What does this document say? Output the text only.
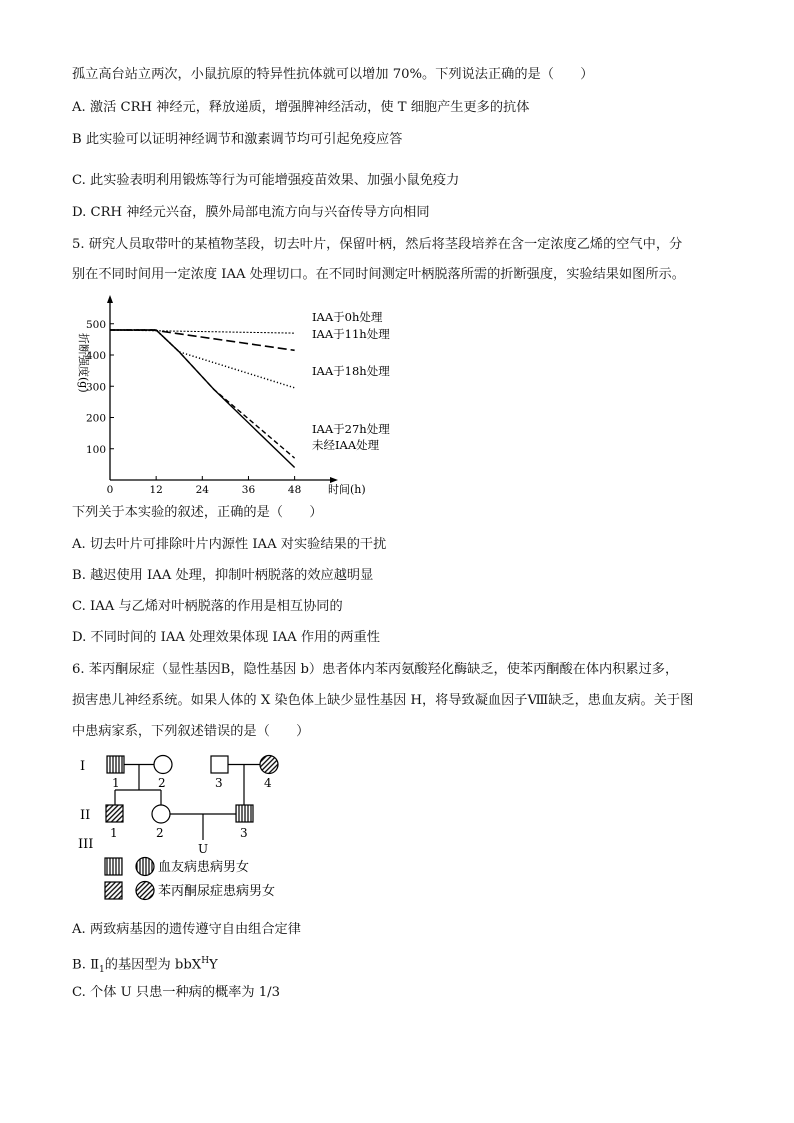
孤立高台站立两次，小鼠抗原的特异性抗体就可以增加 70%。下列说法正确的是（　　）
A. 激活 CRH 神经元，释放递质，增强脾神经活动，使 T 细胞产生更多的抗体
B 此实验可以证明神经调节和激素调节均可引起免疫应答
C. 此实验表明利用锻炼等行为可能增强疫苗效果、加强小鼠免疫力
D. CRH 神经元兴奋，膜外局部电流方向与兴奋传导方向相同
5. 研究人员取带叶的某植物茎段，切去叶片，保留叶柄，然后将茎段培养在含一定浓度乙烯的空气中，分
别在不同时间用一定浓度 IAA 处理切口。在不同时间测定叶柄脱落所需的折断强度，实验结果如图所示。
0	12	24	36	48
100
200
300
400
500
折断强度(g)
时间(h)
IAA于0h处理
IAA于11h处理
IAA于18h处理
IAA于27h处理
未经IAA处理
下列关于本实验的叙述，正确的是（　　）
A. 切去叶片可排除叶片内源性 IAA 对实验结果的干扰
B. 越迟使用 IAA 处理，抑制叶柄脱落的效应越明显
C. IAA 与乙烯对叶柄脱落的作用是相互协同的
D. 不同时间的 IAA 处理效果体现 IAA 作用的两重性
6. 苯丙酮尿症（显性基因B，隐性基因 b）患者体内苯丙氨酸羟化酶缺乏，使苯丙酮酸在体内积累过多，
损害患儿神经系统。如果人体的 X 染色体上缺少显性基因 H，将导致凝血因子Ⅷ缺乏，患血友病。关于图
中患病家系，下列叙述错误的是（　　）
I
II
III
1	2	3	4
1	2	3
U
血友病患病男女
苯丙酮尿症患病男女
A. 两致病基因的遗传遵守自由组合定律
B. $Ⅱ_1$的基因型为 bbX$^H$Y
C. 个体 U 只患一种病的概率为 1/3
